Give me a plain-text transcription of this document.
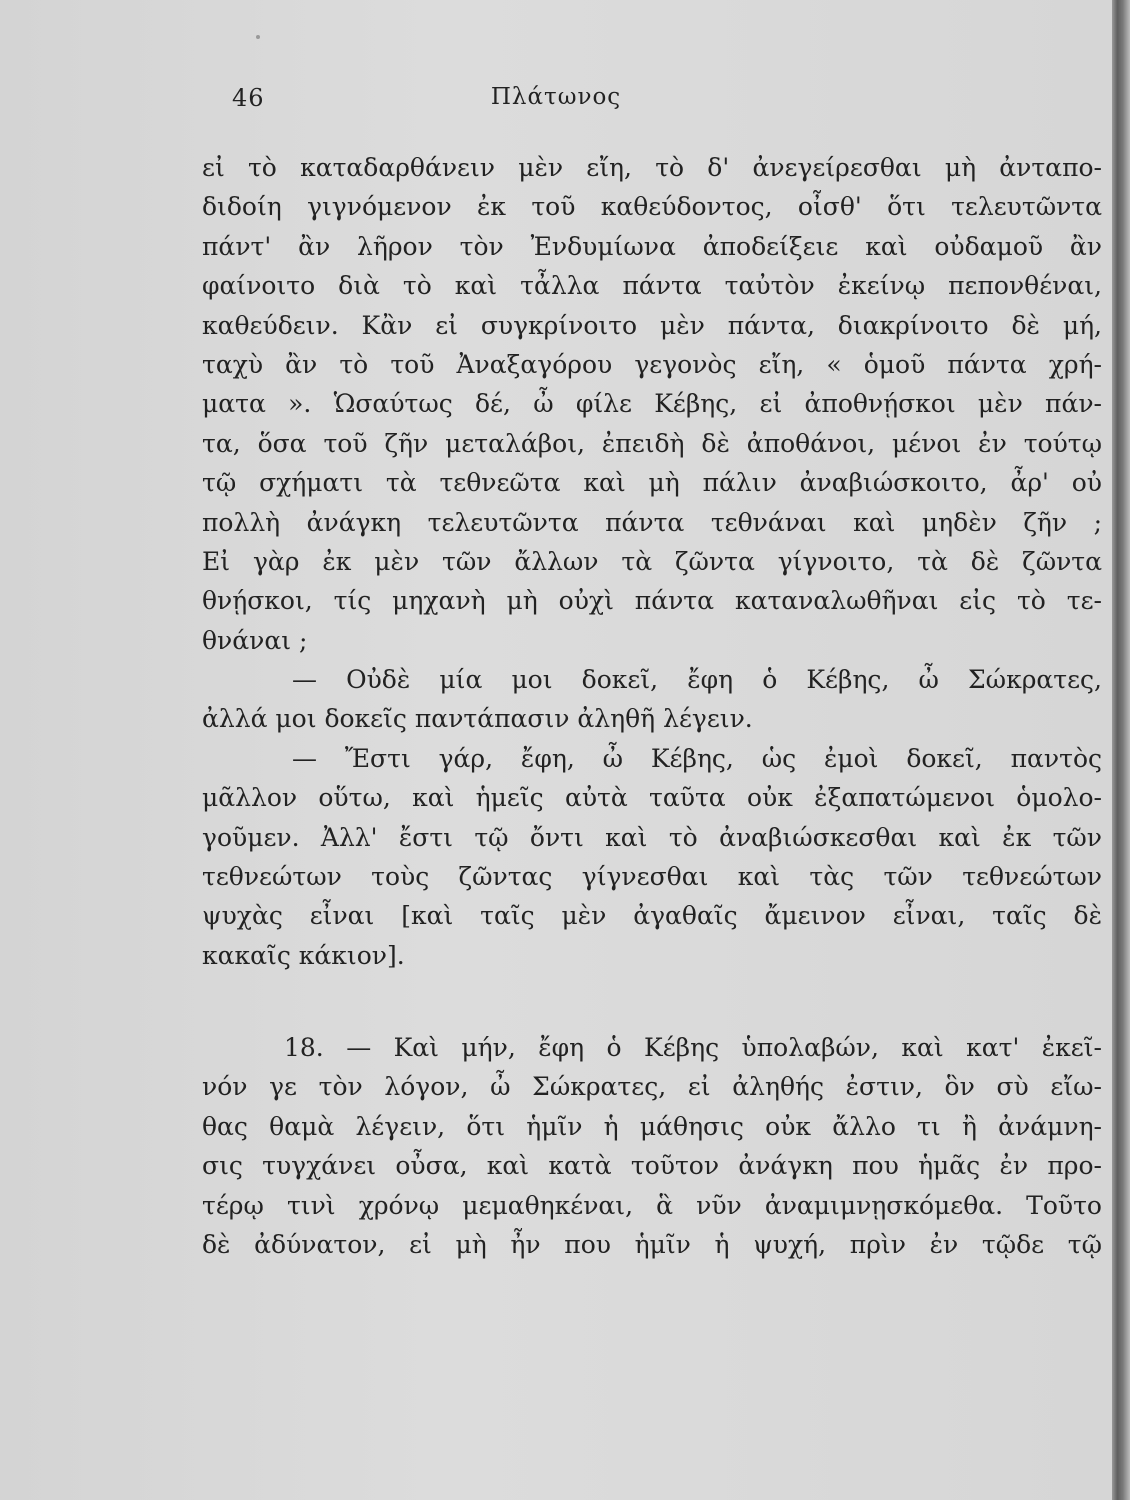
46	Πλάτωνος
εἰ τὸ καταδαρθάνειν μὲν εἴη, τὸ δ' ἀνεγείρεσθαι μὴ ἀνταπο-
διδοίη γιγνόμενον ἐκ τοῦ καθεύδοντος, οἶσθ' ὅτι τελευτῶντα
πάντ' ἂν λῆρον τὸν Ἐνδυμίωνα ἀποδείξειε καὶ οὐδαμοῦ ἂν
φαίνοιτο διὰ τὸ καὶ τἆλλα πάντα ταὐτὸν ἐκείνῳ πεπονθέναι,
καθεύδειν. Κἂν εἰ συγκρίνοιτο μὲν πάντα, διακρίνοιτο δὲ μή,
ταχὺ ἂν τὸ τοῦ Ἀναξαγόρου γεγονὸς εἴη, « ὁμοῦ πάντα χρή-
ματα ». Ὡσαύτως δέ, ὦ φίλε Κέβης, εἰ ἀποθνῄσκοι μὲν πάν-
τα, ὅσα τοῦ ζῆν μεταλάβοι, ἐπειδὴ δὲ ἀποθάνοι, μένοι ἐν τούτῳ
τῷ σχήματι τὰ τεθνεῶτα καὶ μὴ πάλιν ἀναβιώσκοιτο, ἆρ' οὐ
πολλὴ ἀνάγκη τελευτῶντα πάντα τεθνάναι καὶ μηδὲν ζῆν ;
Εἰ γὰρ ἐκ μὲν τῶν ἄλλων τὰ ζῶντα γίγνοιτο, τὰ δὲ ζῶντα
θνῄσκοι, τίς μηχανὴ μὴ οὐχὶ πάντα καταναλωθῆναι εἰς τὸ τε-
θνάναι ;
— Οὐδὲ μία μοι δοκεῖ, ἔφη ὁ Κέβης, ὦ Σώκρατες,
ἀλλά μοι δοκεῖς παντάπασιν ἀληθῆ λέγειν.
— Ἔστι γάρ, ἔφη, ὦ Κέβης, ὡς ἐμοὶ δοκεῖ, παντὸς
μᾶλλον οὕτω, καὶ ἡμεῖς αὐτὰ ταῦτα οὐκ ἐξαπατώμενοι ὁμολο-
γοῦμεν. Ἀλλ' ἔστι τῷ ὄντι καὶ τὸ ἀναβιώσκεσθαι καὶ ἐκ τῶν
τεθνεώτων τοὺς ζῶντας γίγνεσθαι καὶ τὰς τῶν τεθνεώτων
ψυχὰς εἶναι [καὶ ταῖς μὲν ἀγαθαῖς ἄμεινον εἶναι, ταῖς δὲ
κακαῖς κάκιον].
18. — Καὶ μήν, ἔφη ὁ Κέβης ὑπολαβών, καὶ κατ' ἐκεῖ-
νόν γε τὸν λόγον, ὦ Σώκρατες, εἰ ἀληθής ἐστιν, ὃν σὺ εἴω-
θας θαμὰ λέγειν, ὅτι ἡμῖν ἡ μάθησις οὐκ ἄλλο τι ἢ ἀνάμνη-
σις τυγχάνει οὖσα, καὶ κατὰ τοῦτον ἀνάγκη που ἡμᾶς ἐν προ-
τέρῳ τινὶ χρόνῳ μεμαθηκέναι, ἃ νῦν ἀναμιμνῃσκόμεθα. Τοῦτο
δὲ ἀδύνατον, εἰ μὴ ἦν που ἡμῖν ἡ ψυχή, πρὶν ἐν τῷδε τῷ
